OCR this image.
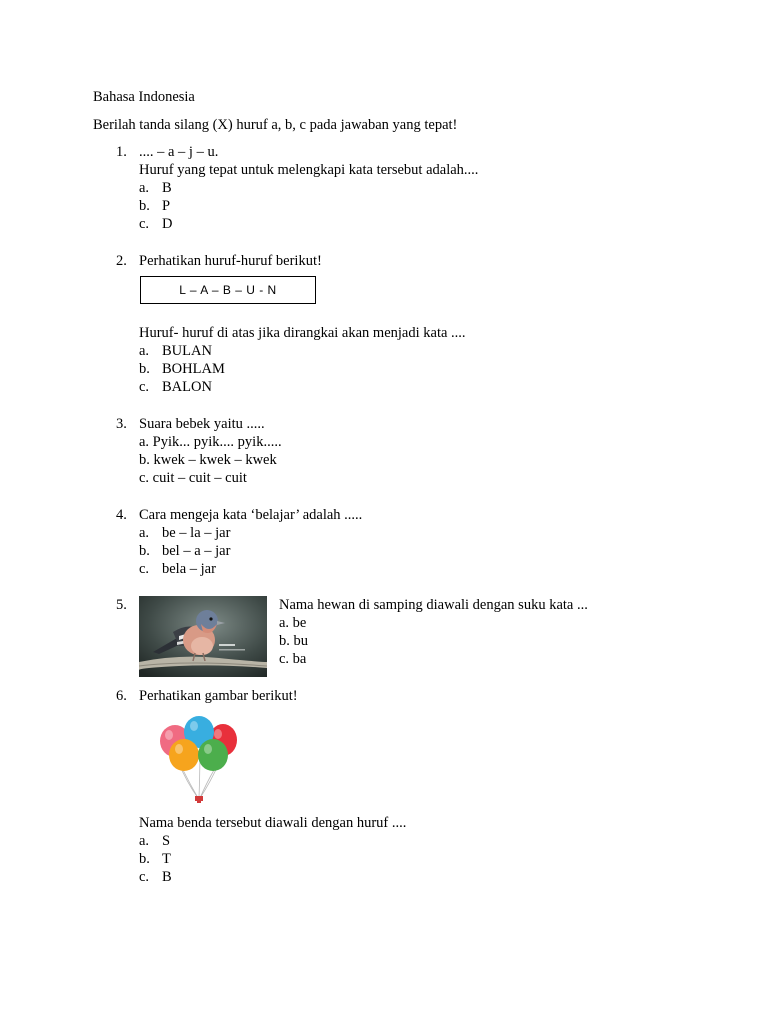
Bahasa Indonesia
Berilah tanda silang (X) huruf a, b, c pada jawaban yang tepat!
1. .... – a – j – u.
Huruf yang tepat untuk melengkapi kata tersebut adalah....
a. B
b. P
c. D
2. Perhatikan huruf-huruf berikut!
L – A – B – U - N
Huruf- huruf di atas jika dirangkai akan menjadi kata ....
a. BULAN
b. BOHLAM
c. BALON
3. Suara bebek yaitu .....
a. Pyik... pyik.... pyik.....
b. kwek – kwek – kwek
c. cuit – cuit – cuit
4. Cara mengeja kata ‘belajar’ adalah .....
a. be – la – jar
b. bel – a – jar
c. bela – jar
5.	Nama hewan di samping diawali dengan suku kata ...
a. be
b. bu
c. ba
6. Perhatikan gambar berikut!
Nama benda tersebut diawali dengan huruf ....
a. S
b. T
c. B
